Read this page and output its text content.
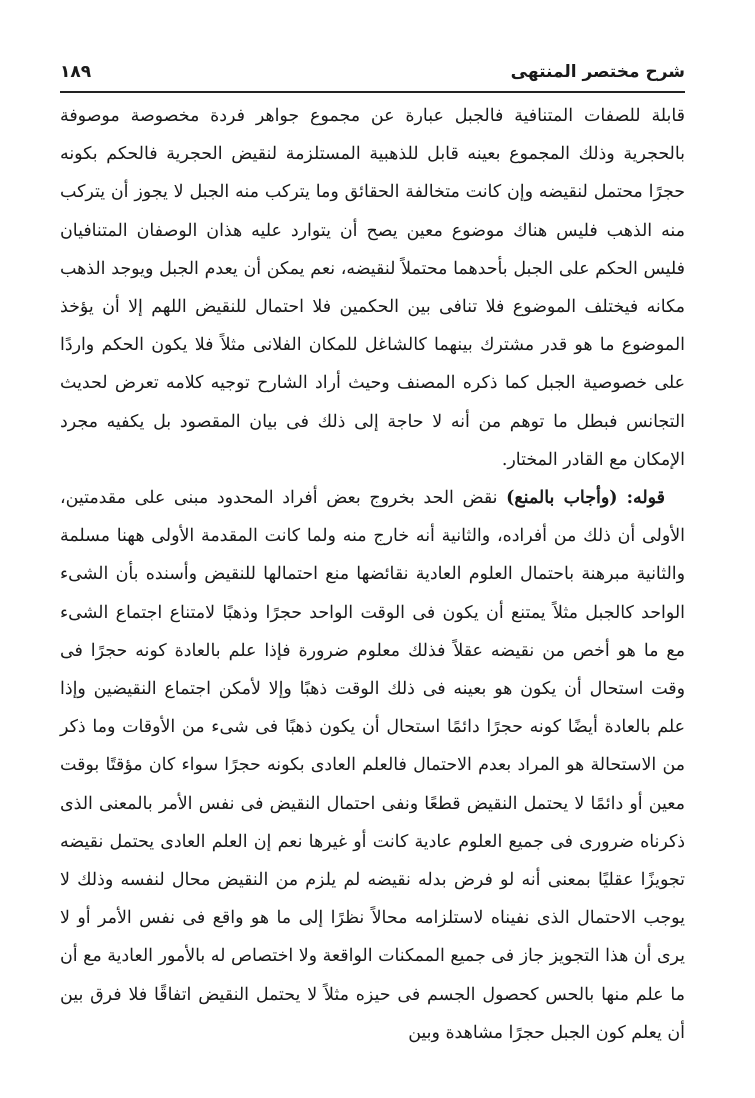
شرح مختصر المنتهى
١٨٩

قابلة للصفات المتنافية فالجبل عبارة عن مجموع جواهر فردة مخصوصة موصوفة بالحجرية وذلك المجموع بعينه قابل للذهبية المستلزمة لنقيض الحجرية فالحكم بكونه حجرًا محتمل لنقيضه وإن كانت متخالفة الحقائق وما يتركب منه الجبل لا يجوز أن يتركب منه الذهب فليس هناك موضوع معين يصح أن يتوارد عليه هذان الوصفان المتنافيان فليس الحكم على الجبل بأحدهما محتملاً لنقيضه، نعم يمكن أن يعدم الجبل ويوجد الذهب مكانه فيختلف الموضوع فلا تنافى بين الحكمين فلا احتمال للنقيض اللهم إلا أن يؤخذ الموضوع ما هو قدر مشترك بينهما كالشاغل للمكان الفلانى مثلاً فلا يكون الحكم واردًا على خصوصية الجبل كما ذكره المصنف وحيث أراد الشارح توجيه كلامه تعرض لحديث التجانس فبطل ما توهم من أنه لا حاجة إلى ذلك فى بيان المقصود بل يكفيه مجرد الإمكان مع القادر المختار.

قوله: (وأجاب بالمنع) نقض الحد بخروج بعض أفراد المحدود مبنى على مقدمتين، الأولى أن ذلك من أفراده، والثانية أنه خارج منه ولما كانت المقدمة الأولى ههنا مسلمة والثانية مبرهنة باحتمال العلوم العادية نقائضها منع احتمالها للنقيض وأسنده بأن الشىء الواحد كالجبل مثلاً يمتنع أن يكون فى الوقت الواحد حجرًا وذهبًا لامتناع اجتماع الشىء مع ما هو أخص من نقيضه عقلاً فذلك معلوم ضرورة فإذا علم بالعادة كونه حجرًا فى وقت استحال أن يكون هو بعينه فى ذلك الوقت ذهبًا وإلا لأمكن اجتماع النقيضين وإذا علم بالعادة أيضًا كونه حجرًا دائمًا استحال أن يكون ذهبًا فى شىء من الأوقات وما ذكر من الاستحالة هو المراد بعدم الاحتمال فالعلم العادى بكونه حجرًا سواء كان مؤقتًا بوقت معين أو دائمًا لا يحتمل النقيض قطعًا ونفى احتمال النقيض فى نفس الأمر بالمعنى الذى ذكرناه ضرورى فى جميع العلوم عادية كانت أو غيرها نعم إن العلم العادى يحتمل نقيضه تجويزًا عقليًا بمعنى أنه لو فرض بدله نقيضه لم يلزم من النقيض محال لنفسه وذلك لا يوجب الاحتمال الذى نفيناه لاستلزامه محالاً نظرًا إلى ما هو واقع فى نفس الأمر أو لا يرى أن هذا التجويز جاز فى جميع الممكنات الواقعة ولا اختصاص له بالأمور العادية مع أن ما علم منها بالحس كحصول الجسم فى حيزه مثلاً لا يحتمل النقيض اتفاقًا فلا فرق بين أن يعلم كون الجبل حجرًا مشاهدة وبين
